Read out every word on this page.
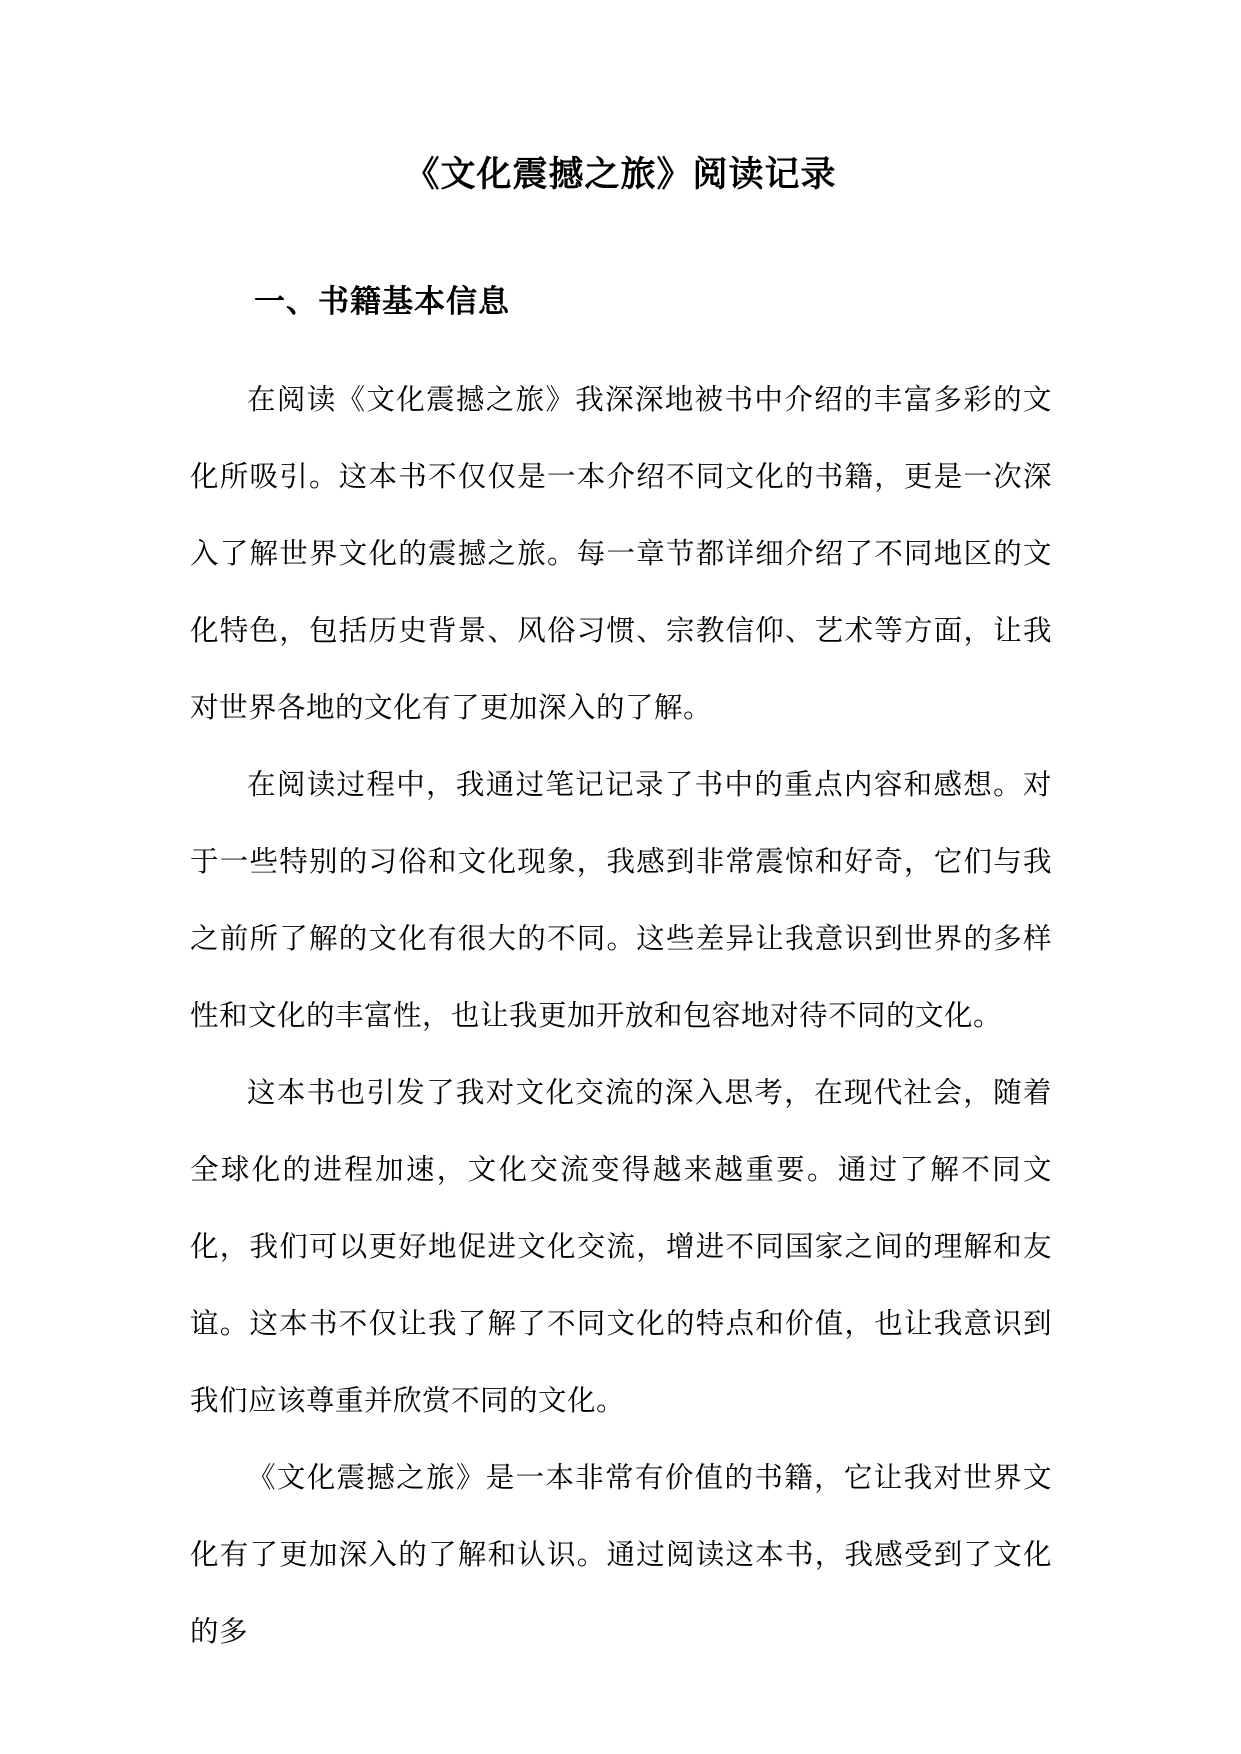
《文化震撼之旅》阅读记录
一、书籍基本信息

在阅读《文化震撼之旅》我深深地被书中介绍的丰富多彩的文化所吸引。这本书不仅仅是一本介绍不同文化的书籍，更是一次深入了解世界文化的震撼之旅。每一章节都详细介绍了不同地区的文化特色，包括历史背景、风俗习惯、宗教信仰、艺术等方面，让我对世界各地的文化有了更加深入的了解。

在阅读过程中，我通过笔记记录了书中的重点内容和感想。对于一些特别的习俗和文化现象，我感到非常震惊和好奇，它们与我之前所了解的文化有很大的不同。这些差异让我意识到世界的多样性和文化的丰富性，也让我更加开放和包容地对待不同的文化。

这本书也引发了我对文化交流的深入思考，在现代社会，随着全球化的进程加速，文化交流变得越来越重要。通过了解不同文化，我们可以更好地促进文化交流，增进不同国家之间的理解和友谊。这本书不仅让我了解了不同文化的特点和价值，也让我意识到我们应该尊重并欣赏不同的文化。

《文化震撼之旅》是一本非常有价值的书籍，它让我对世界文化有了更加深入的了解和认识。通过阅读这本书，我感受到了文化的多
